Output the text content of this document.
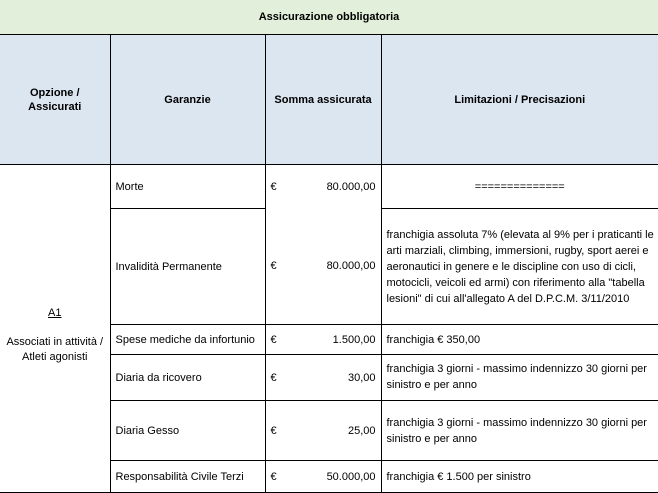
Assicurazione obbligatoria			
Opzione / Assicurati	Garanzie	Somma assicurata	Limitazioni / Precisazioni

A1
Associati in attività / Atleti agonisti	Morte	€ 80.000,00	==============
	Invalidità Permanente	€ 80.000,00	franchigia assoluta 7% (elevata al 9% per i praticanti le arti marziali, climbing, immersioni, rugby, sport aerei e aeronautici in genere e le discipline con uso di cicli, motocicli, veicoli ed armi) con riferimento alla "tabella lesioni" di cui all'allegato A del D.P.C.M. 3/11/2010
	Spese mediche da infortunio	€ 1.500,00	franchigia € 350,00
	Diaria da ricovero	€ 30,00	franchigia 3 giorni - massimo indennizzo 30 giorni per sinistro e per anno
	Diaria Gesso	€ 25,00	franchigia 3 giorni - massimo indennizzo 30 giorni per sinistro e per anno
	Responsabilità Civile Terzi	€ 50.000,00	franchigia € 1.500 per sinistro
